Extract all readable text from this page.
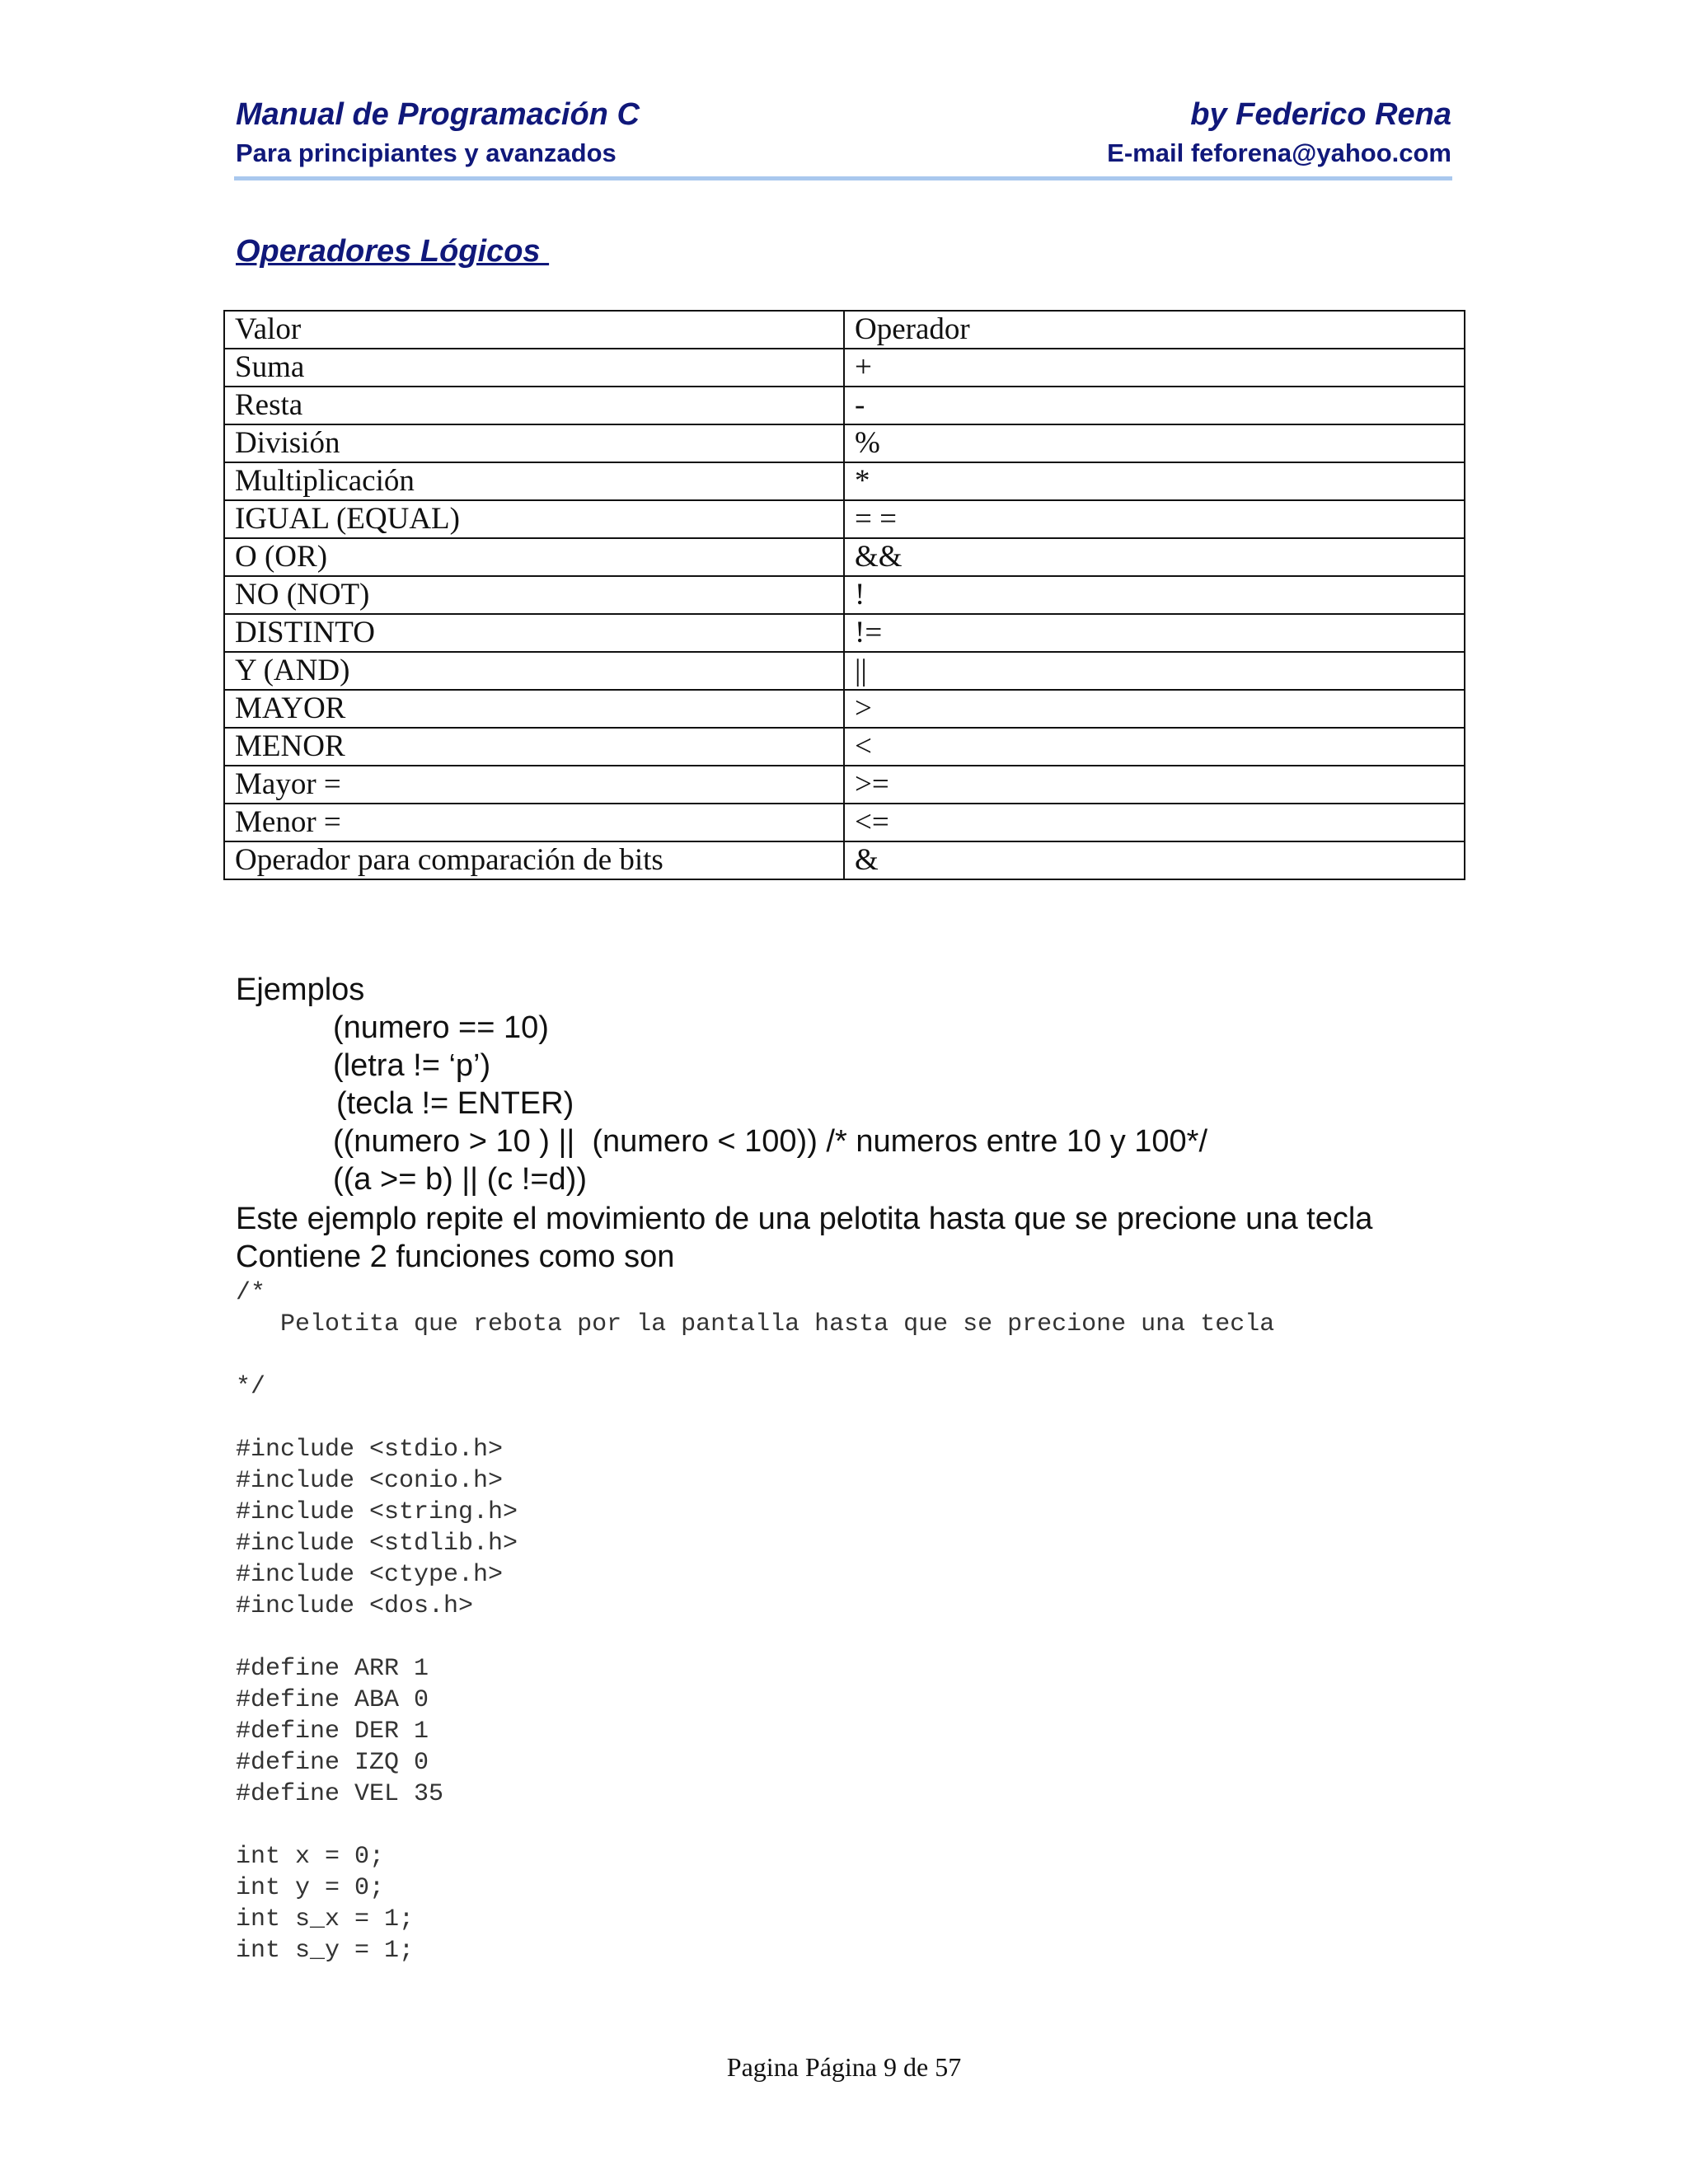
Manual de Programación C
Para principiantes y avanzados
by Federico Rena
E-mail feforena@yahoo.com
Operadores Lógicos
Valor	Operador
Suma	+
Resta	-
División	%
Multiplicación	*
IGUAL (EQUAL)	= =
O (OR)	&&
NO (NOT)	!
DISTINTO	!=
Y (AND)	||
MAYOR	>
MENOR	<
Mayor =	>=
Menor =	<=
Operador para comparación de bits	&
Ejemplos
(numero == 10)
(letra != ‘p’)
(tecla != ENTER)
((numero > 10 ) ||  (numero < 100)) /* numeros entre 10 y 100*/
((a >= b) || (c !=d))
Este ejemplo repite el movimiento de una pelotita hasta que se precione una tecla
Contiene 2 funciones como son
/*
Pelotita que rebota por la pantalla hasta que se precione una tecla

*/

#include <stdio.h>
#include <conio.h>
#include <string.h>
#include <stdlib.h>
#include <ctype.h>
#include <dos.h>

#define ARR 1
#define ABA 0
#define DER 1
#define IZQ 0
#define VEL 35

int x = 0;
int y = 0;
int s_x = 1;
int s_y = 1;
Pagina Página 9 de 57
